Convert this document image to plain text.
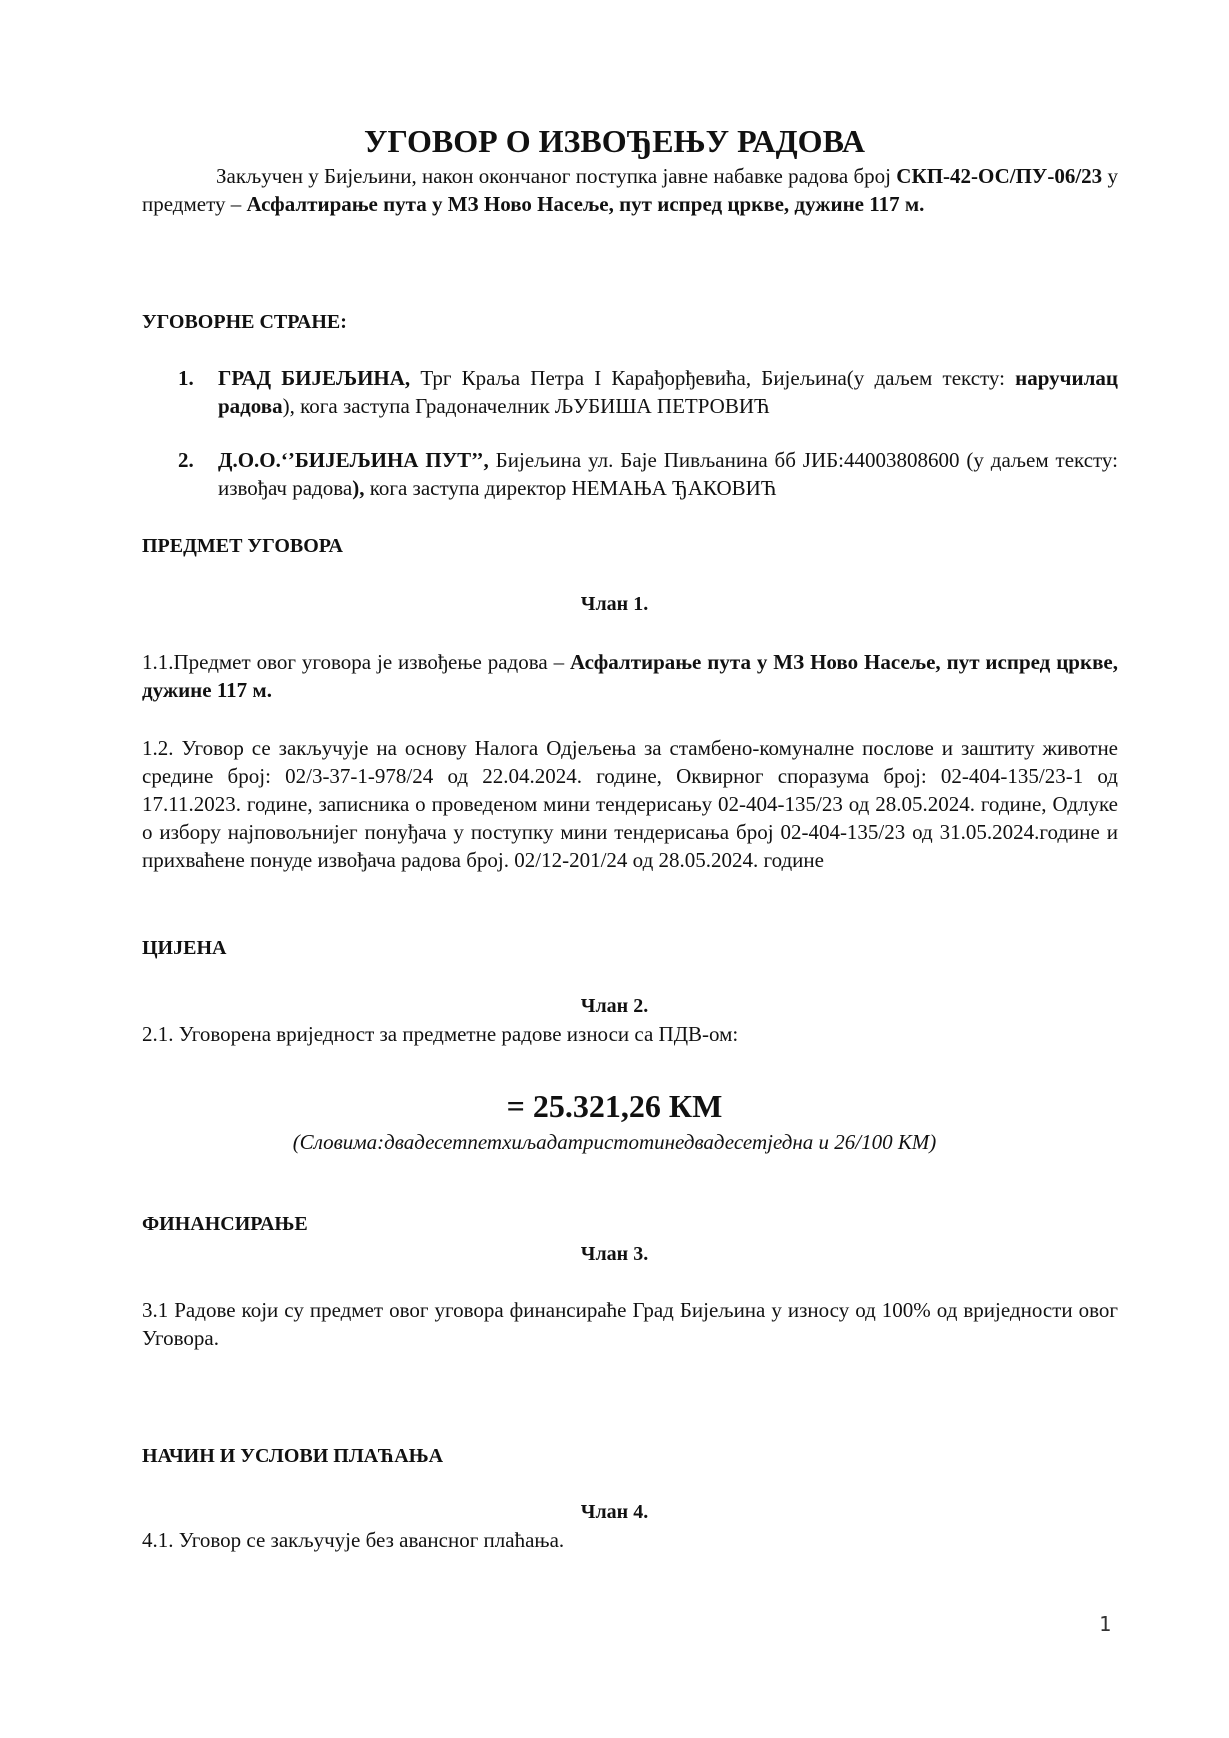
УГОВОР О ИЗВОЂЕЊУ РАДОВА
Закључен у Бијељини, након окончаног поступка јавне набавке радова број СКП-42-ОС/ПУ-06/23 у предмету – Асфалтирање пута у МЗ Ново Насеље, пут испред цркве, дужине 117 м.
УГОВОРНЕ СТРАНЕ:
1. ГРАД БИЈЕЉИНА, Трг Краља Петра I Карађорђевића, Бијељина(у даљем тексту: наручилац радова), кога заступа Градоначелник ЉУБИША ПЕТРОВИЋ
2. Д.О.О.‘’БИЈЕЉИНА ПУТ’’, Бијељина ул. Баје Пивљанина бб ЈИБ:44003808600 (у даљем тексту: извођач радова), кога заступа директор НЕМАЊА ЂАКОВИЋ
ПРЕДМЕТ УГОВОРА
Члан 1.
1.1.Предмет овог уговора је извођење радова – Асфалтирање пута у МЗ Ново Насеље, пут испред цркве, дужине 117 м.
1.2. Уговор се закључује на основу Налога Одјељења за стамбено-комуналне послове и заштиту животне средине број: 02/3-37-1-978/24 од 22.04.2024. године, Оквирног споразума број: 02-404-135/23-1 од 17.11.2023. године, записника о проведеном мини тендерисању 02-404-135/23 од 28.05.2024. године, Одлуке о избору најповољнијег понуђача у поступку мини тендерисања број 02-404-135/23 од 31.05.2024.године и прихваћене понуде извођача радова број. 02/12-201/24 од 28.05.2024. године
ЦИЈЕНА
Члан 2.
2.1. Уговорена вриједност за предметне радове износи са ПДВ-ом:
= 25.321,26 КМ
(Словима:двадесетпетхиљадатристотинедвадесетједна и 26/100 КМ)
ФИНАНСИРАЊЕ
Члан 3.
3.1 Радове који су предмет овог уговора финансираће Град Бијељина у износу од 100% од вриједности овог Уговора.
НАЧИН И УСЛОВИ ПЛАЋАЊА
Члан 4.
4.1. Уговор се закључује без авансног плаћања.
1
